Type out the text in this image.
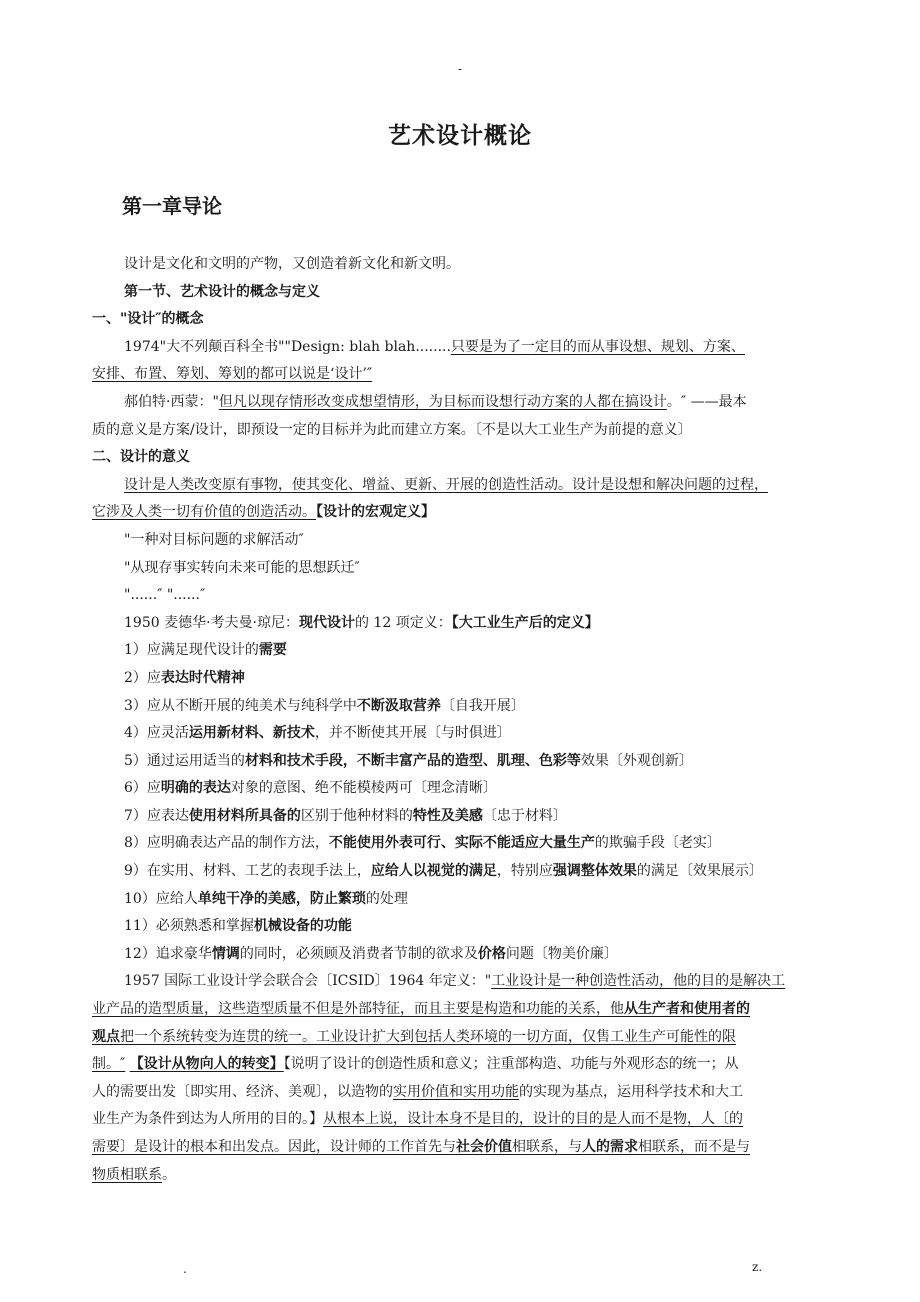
-
艺术设计概论
第一章导论
设计是文化和文明的产物，又创造着新文化和新文明。
第一节、艺术设计的概念与定义
一、"设计″的概念
1974"大不列颠百科全书""Design: blah blah........只要是为了一定目的而从事设想、规划、方案、
安排、布置、筹划、筹划的都可以说是‘设计’″
郝伯特·西蒙："但凡以现存情形改变成想望情形，为目标而设想行动方案的人都在搞设计。″ ——最本
质的意义是方案/设计，即预设一定的目标并为此而建立方案。〔不是以大工业生产为前提的意义〕
二、设计的意义
设计是人类改变原有事物，使其变化、增益、更新、开展的创造性活动。设计是设想和解决问题的过程，
它涉及人类一切有价值的创造活动。【设计的宏观定义】
"一种对目标问题的求解活动″
"从现存事实转向未来可能的思想跃迁″
"......″ "......″
1950 麦德华·考夫曼·琼尼：现代设计的 12 项定义：【大工业生产后的定义】
1）应满足现代设计的需要
2）应表达时代精神
3）应从不断开展的纯美术与纯科学中不断汲取营养〔自我开展〕
4）应灵活运用新材料、新技术，并不断使其开展〔与时俱进〕
5）通过运用适当的材料和技术手段，不断丰富产品的造型、肌理、色彩等效果〔外观创新〕
6）应明确的表达对象的意图、绝不能模棱两可〔理念清晰〕
7）应表达使用材料所具备的区别于他种材料的特性及美感〔忠于材料〕
8）应明确表达产品的制作方法，不能使用外表可行、实际不能适应大量生产的欺骗手段〔老实〕
9）在实用、材料、工艺的表现手法上，应给人以视觉的满足，特别应强调整体效果的满足〔效果展示〕
10）应给人单纯干净的美感，防止繁琐的处理
11）必须熟悉和掌握机械设备的功能
12）追求豪华情调的同时，必须顾及消费者节制的欲求及价格问题〔物美价廉〕
1957 国际工业设计学会联合会〔ICSID〕1964 年定义："工业设计是一种创造性活动，他的目的是解决工
业产品的造型质量，这些造型质量不但是外部特征，而且主要是构造和功能的关系，他从生产者和使用者的
观点把一个系统转变为连贯的统一。工业设计扩大到包括人类环境的一切方面，仅售工业生产可能性的限
制。″ 【设计从物向人的转变】【说明了设计的创造性质和意义；注重部构造、功能与外观形态的统一；从
人的需要出发〔即实用、经济、美观〕，以造物的实用价值和实用功能的实现为基点，运用科学技术和大工
业生产为条件到达为人所用的目的。】从根本上说，设计本身不是目的，设计的目的是人而不是物，人〔的
需要〕是设计的根本和出发点。因此，设计师的工作首先与社会价值相联系，与人的需求相联系，而不是与
物质相联系。
.	z.
